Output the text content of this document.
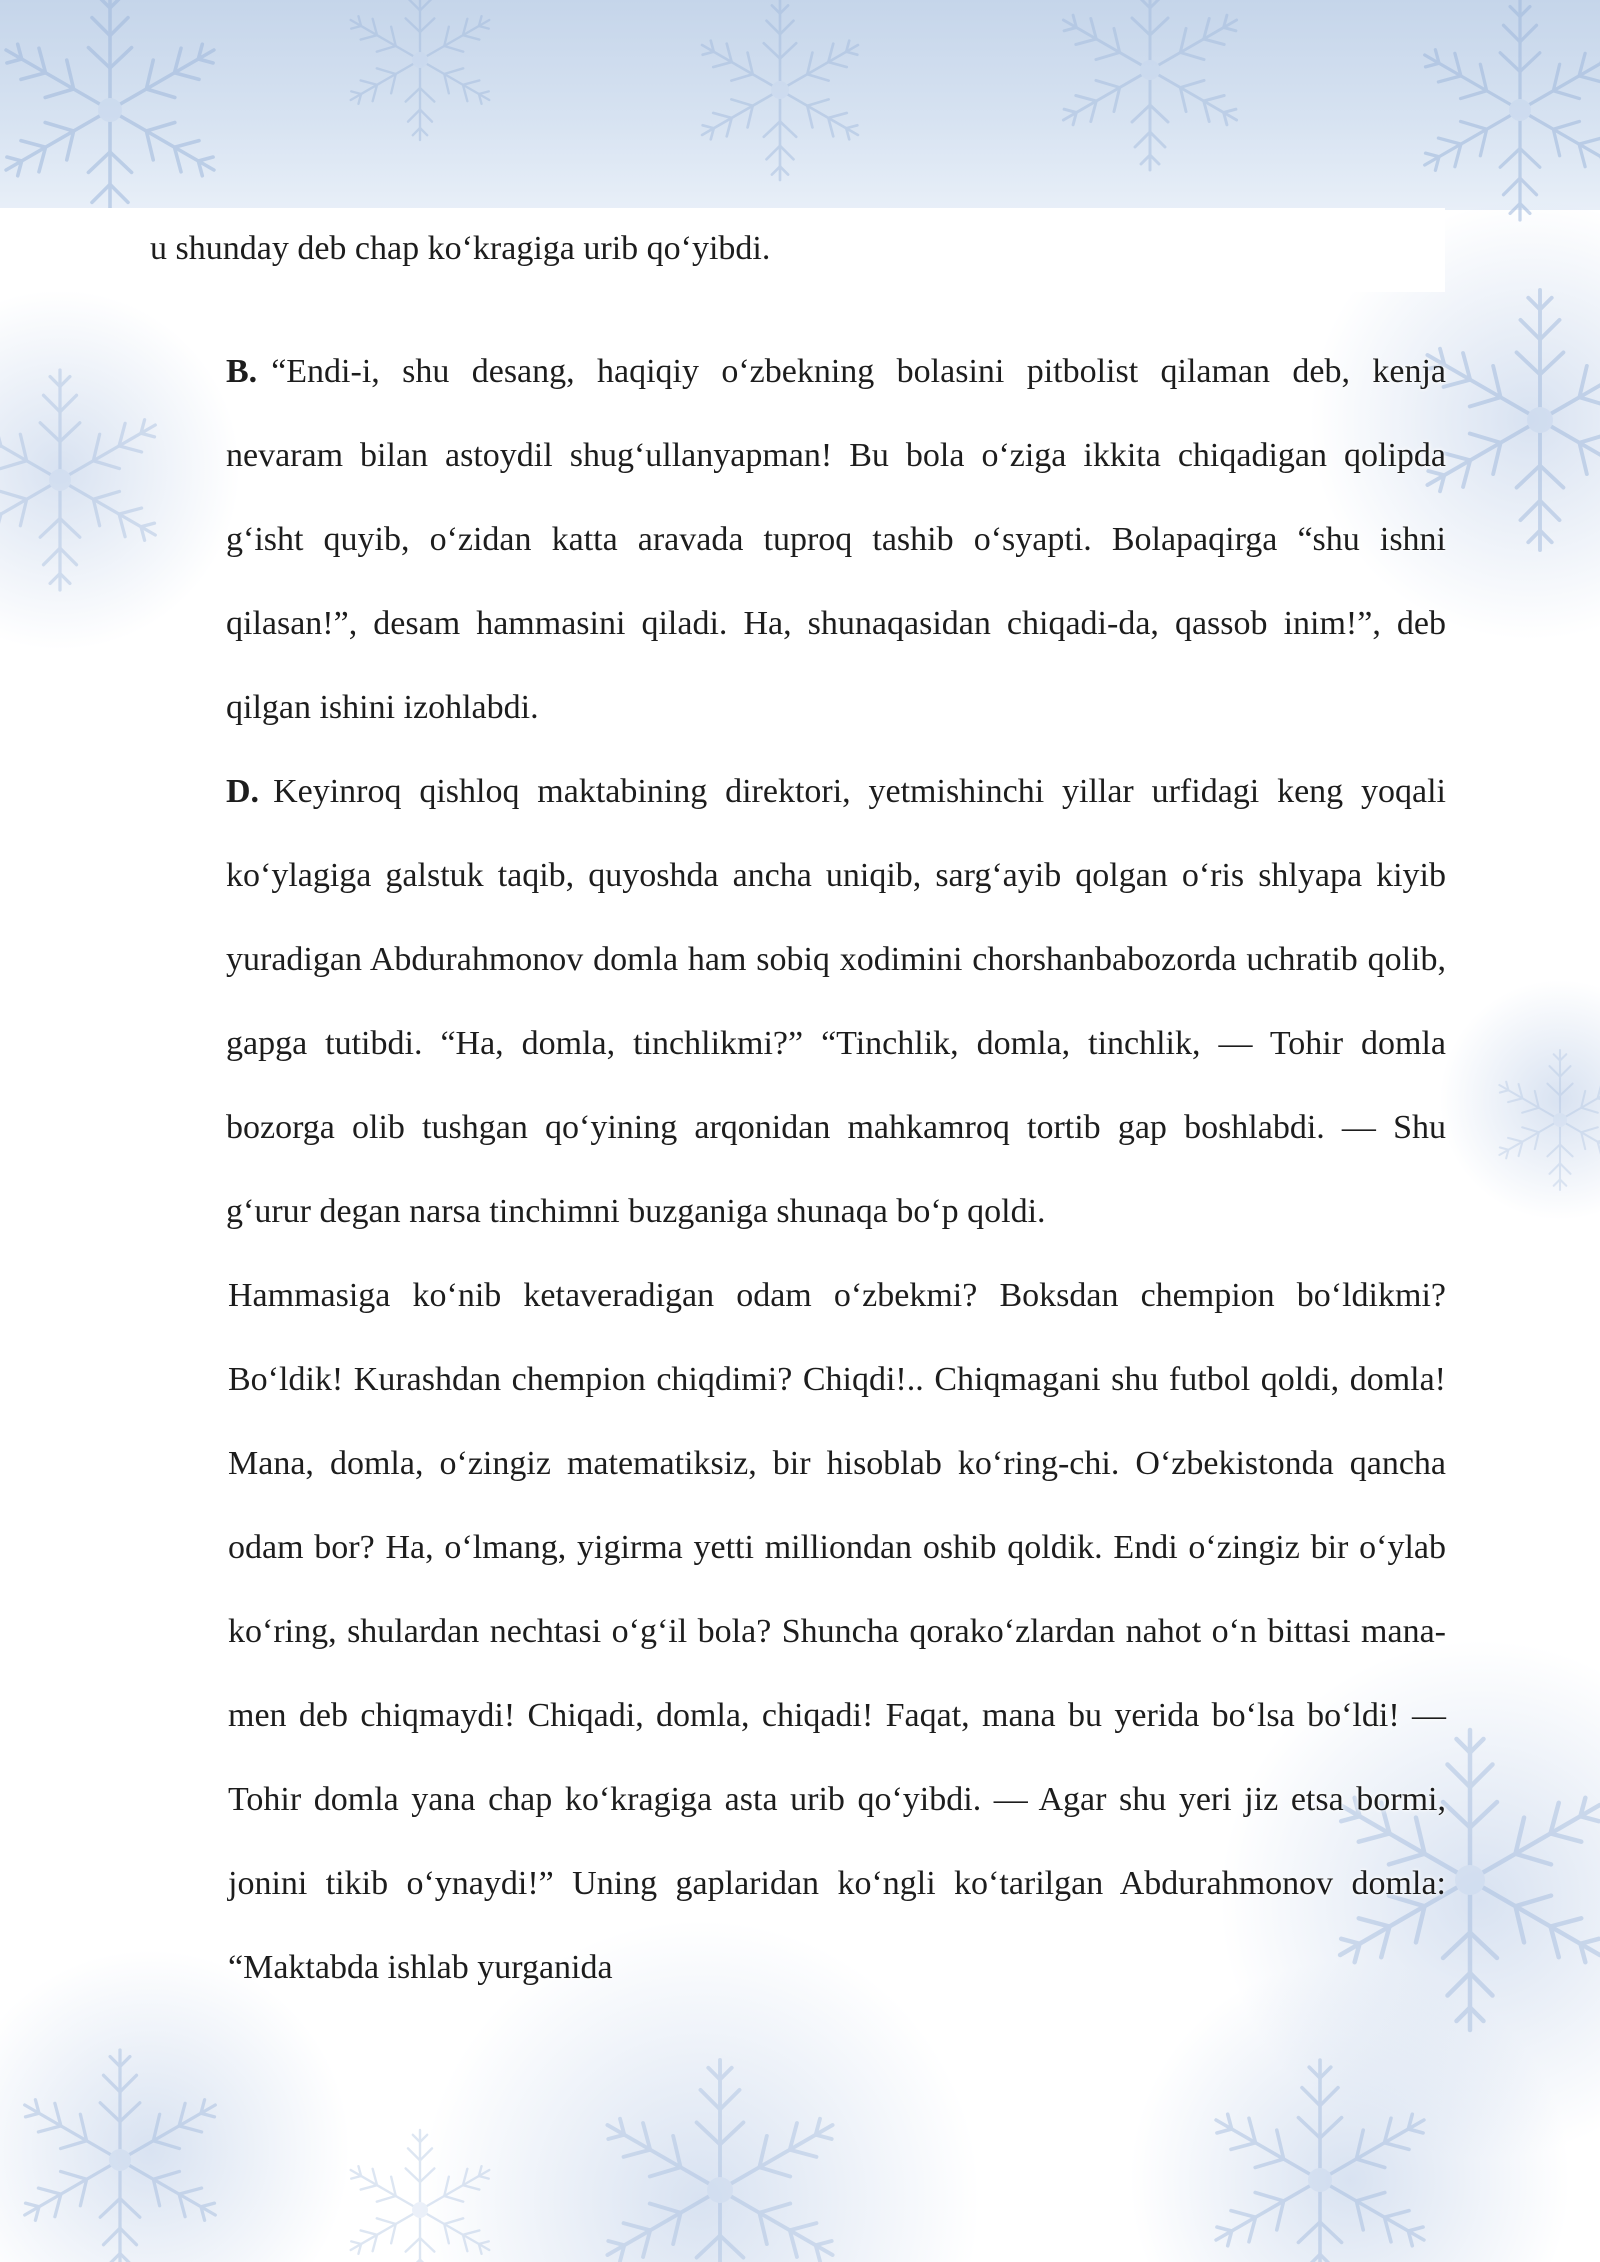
u shunday deb chap ko‘kragiga urib qo‘yibdi.

B. “Endi-i, shu desang, haqiqiy o‘zbekning bolasini pitbolist qilaman deb, kenja nevaram bilan astoydil shug‘ullanyapman! Bu bola o‘ziga ikkita chiqadigan qolipda g‘isht quyib, o‘zidan katta aravada tuproq tashib o‘syapti. Bolapaqirga “shu ishni qilasan!”, desam hammasini qiladi. Ha, shunaqasidan chiqadi-da, qassob inim!”, deb qilgan ishini izohlabdi.

D. Keyinroq qishloq maktabining direktori, yetmishinchi yillar urfidagi keng yoqali ko‘ylagiga galstuk taqib, quyoshda ancha uniqib, sarg‘ayib qolgan o‘ris shlyapa kiyib yuradigan Abdurahmonov domla ham sobiq xodimini chorshanbabozorda uchratib qolib, gapga tutibdi. “Ha, domla, tinchlikmi?” “Tinchlik, domla, tinchlik, — Tohir domla bozorga olib tushgan qo‘yining arqonidan mahkamroq tortib gap boshlabdi. — Shu g‘urur degan narsa tinchimni buzganiga shunaqa bo‘p qoldi.

Hammasiga ko‘nib ketaveradigan odam o‘zbekmi? Boksdan chempion bo‘ldikmi? Bo‘ldik! Kurashdan chempion chiqdimi? Chiqdi!.. Chiqmagani shu futbol qoldi, domla! Mana, domla, o‘zingiz matematiksiz, bir hisoblab ko‘ring-chi. O‘zbekistonda qancha odam bor? Ha, o‘lmang, yigirma yetti milliondan oshib qoldik. Endi o‘zingiz bir o‘ylab ko‘ring, shulardan nechtasi o‘g‘il bola? Shuncha qorako‘zlardan nahot o‘n bittasi mana-men deb chiqmaydi! Chiqadi, domla, chiqadi! Faqat, mana bu yerida bo‘lsa bo‘ldi! — Tohir domla yana chap ko‘kragiga asta urib qo‘yibdi. — Agar shu yeri jiz etsa bormi, jonini tikib o‘ynaydi!” Uning gaplaridan ko‘ngli ko‘tarilgan Abdurahmonov domla: “Maktabda ishlab yurganida
